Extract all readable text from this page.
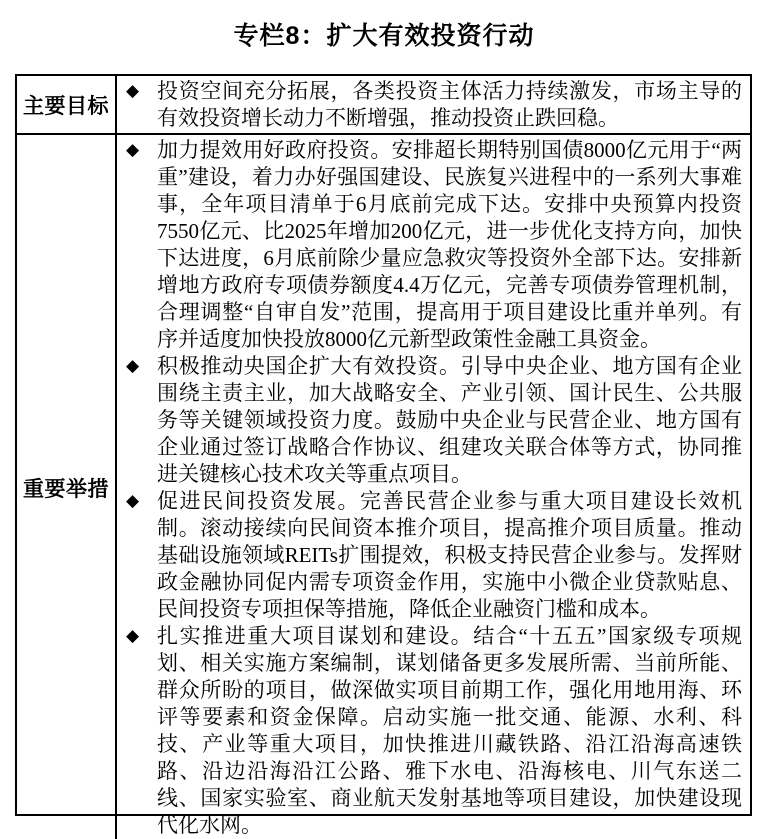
专栏8：扩大有效投资行动
主要目标
◆ 投资空间充分拓展，各类投资主体活力持续激发，市场主导的有效投资增长动力不断增强，推动投资止跌回稳。
重要举措
◆ 加力提效用好政府投资。安排超长期特别国债8000亿元用于“两重”建设，着力办好强国建设、民族复兴进程中的一系列大事难事，全年项目清单于6月底前完成下达。安排中央预算内投资7550亿元、比2025年增加200亿元，进一步优化支持方向，加快下达进度，6月底前除少量应急救灾等投资外全部下达。安排新增地方政府专项债券额度4.4万亿元，完善专项债券管理机制，合理调整“自审自发”范围，提高用于项目建设比重并单列。有序并适度加快投放8000亿元新型政策性金融工具资金。
◆ 积极推动央国企扩大有效投资。引导中央企业、地方国有企业围绕主责主业，加大战略安全、产业引领、国计民生、公共服务等关键领域投资力度。鼓励中央企业与民营企业、地方国有企业通过签订战略合作协议、组建攻关联合体等方式，协同推进关键核心技术攻关等重点项目。
◆ 促进民间投资发展。完善民营企业参与重大项目建设长效机制。滚动接续向民间资本推介项目，提高推介项目质量。推动基础设施领域REITs扩围提效，积极支持民营企业参与。发挥财政金融协同促内需专项资金作用，实施中小微企业贷款贴息、民间投资专项担保等措施，降低企业融资门槛和成本。
◆ 扎实推进重大项目谋划和建设。结合“十五五”国家级专项规划、相关实施方案编制，谋划储备更多发展所需、当前所能、群众所盼的项目，做深做实项目前期工作，强化用地用海、环评等要素和资金保障。启动实施一批交通、能源、水利、科技、产业等重大项目，加快推进川藏铁路、沿江沿海高速铁路、沿边沿海沿江公路、雅下水电、沿海核电、川气东送二线、国家实验室、商业航天发射基地等项目建设，加快建设现代化水网。
